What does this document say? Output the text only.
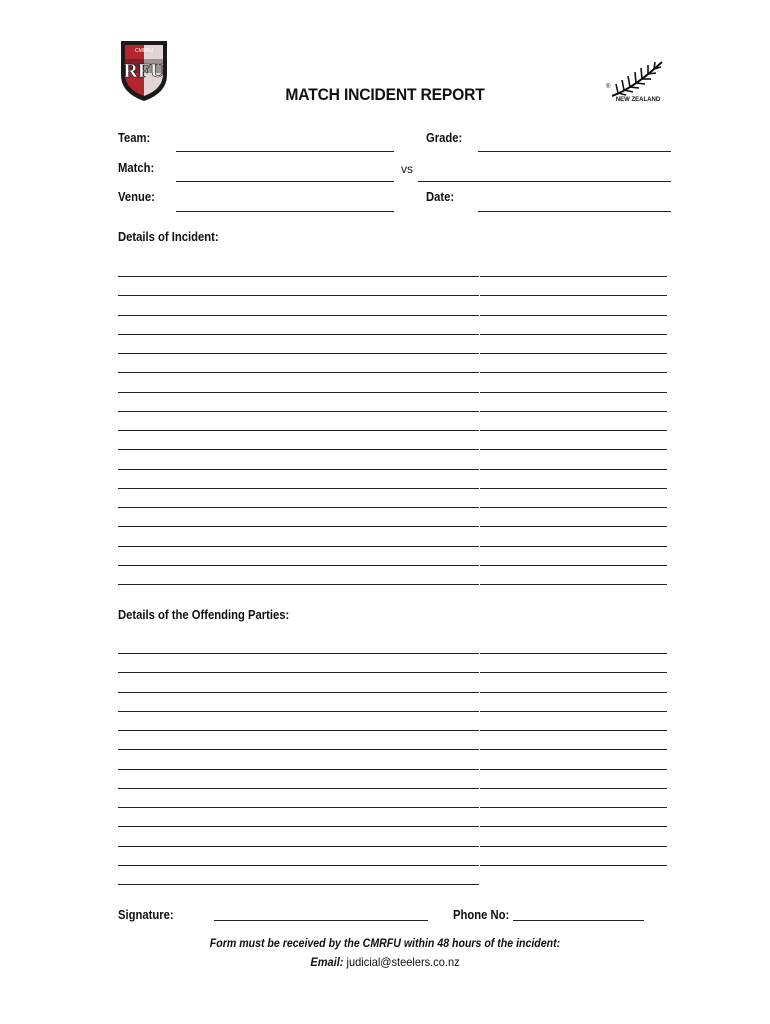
RFU
CMRFU
®
NEW ZEALAND
MATCH INCIDENT REPORT
Team:	Grade:
Match:	vs
Venue:	Date:
Details of Incident:
Details of the Offending Parties:
Signature:	Phone No:
Form must be received by the CMRFU within 48 hours of the incident:
Email: judicial@steelers.co.nz
